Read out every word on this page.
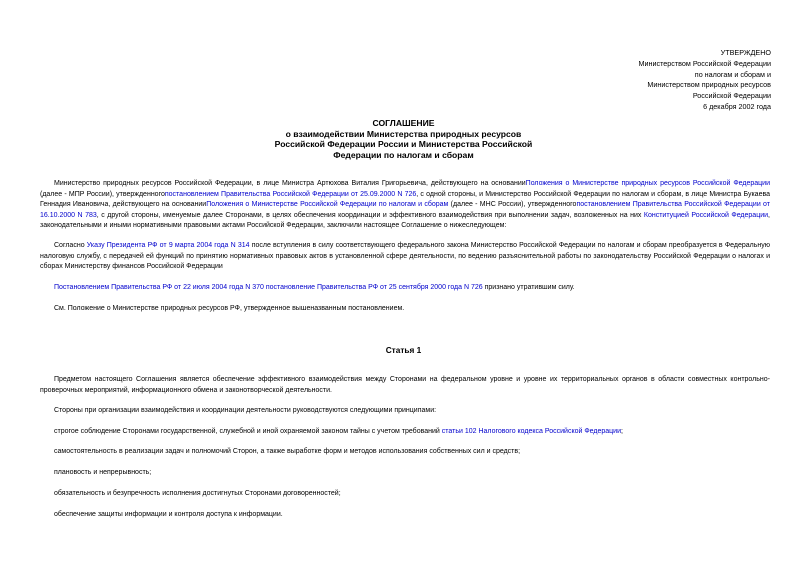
УТВЕРЖДЕНО
Министерством Российской Федерации
по налогам и сборам и
Министерством природных ресурсов
Российской Федерации
6 декабря 2002 года
СОГЛАШЕНИЕ
о взаимодействии Министерства природных ресурсов
Российской Федерации России и Министерства Российской
Федерации по налогам и сборам

Министерство природных ресурсов Российской Федерации, в лице Министра Артюхова Виталия Григорьевича, действующего на основанииПоложения о Министерстве природных ресурсов Российской Федерации (далее - МПР России), утвержденногопостановлением Правительства Российской Федерации от 25.09.2000 N 726, с одной стороны, и Министерство Российской Федерации по налогам и сборам, в лице Министра Букаева Геннадия Ивановича, действующего на основанииПоложения о Министерстве Российской Федерации по налогам и сборам (далее - МНС России), утвержденногопостановлением Правительства Российской Федерации от 16.10.2000 N 783, с другой стороны, именуемые далее Сторонами, в целях обеспечения координации и эффективного взаимодействия при выполнении задач, возложенных на них Конституцией Российской Федерации, законодательными и иными нормативными правовыми актами Российской Федерации, заключили настоящее Соглашение о нижеследующем:

Согласно Указу Президента РФ от 9 марта 2004 года N 314 после вступления в силу соответствующего федерального закона Министерство Российской Федерации по налогам и сборам преобразуется в Федеральную налоговую службу, с передачей ей функций по принятию нормативных правовых актов в установленной сфере деятельности, по ведению разъяснительной работы по законодательству Российской Федерации о налогах и сборах Министерству финансов Российской Федерации

Постановлением Правительства РФ от 22 июля 2004 года N 370 постановление Правительства РФ от 25 сентября 2000 года N 726 признано утратившим силу.

См. Положение о Министерстве природных ресурсов РФ, утвержденное вышеназванным постановлением.

Статья 1

Предметом настоящего Соглашения является обеспечение эффективного взаимодействия между Сторонами на федеральном уровне и уровне их территориальных органов в области совместных контрольно-проверочных мероприятий, информационного обмена и законотворческой деятельности.

Стороны при организации взаимодействия и координации деятельности руководствуются следующими принципами:

строгое соблюдение Сторонами государственной, служебной и иной охраняемой законом тайны с учетом требований статьи 102 Налогового кодекса Российской Федерации;
самостоятельность в реализации задач и полномочий Сторон, а также выработке форм и методов использования собственных сил и средств;
плановость и непрерывность;
обязательность и безупречность исполнения достигнутых Сторонами договоренностей;
обеспечение защиты информации и контроля доступа к информации.
